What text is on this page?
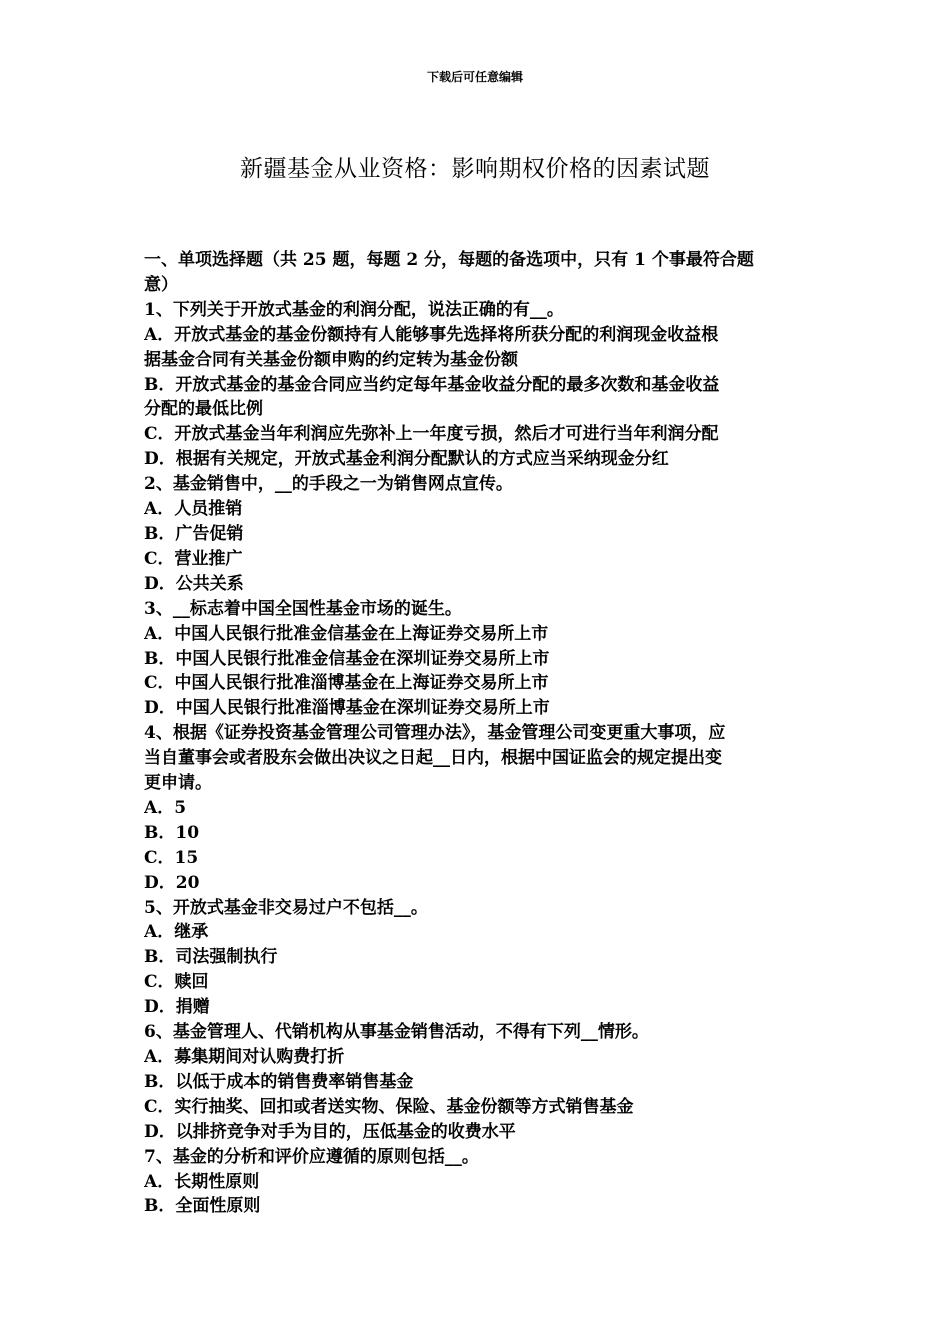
下载后可任意编辑
新疆基金从业资格：影响期权价格的因素试题
一、单项选择题（共 25 题，每题 2 分，每题的备选项中，只有 1 个事最符合题
意）
1、下列关于开放式基金的利润分配，说法正确的有__。
A．开放式基金的基金份额持有人能够事先选择将所获分配的利润现金收益根
据基金合同有关基金份额申购的约定转为基金份额
B．开放式基金的基金合同应当约定每年基金收益分配的最多次数和基金收益
分配的最低比例
C．开放式基金当年利润应先弥补上一年度亏损，然后才可进行当年利润分配
D．根据有关规定，开放式基金利润分配默认的方式应当采纳现金分红
2、基金销售中，__的手段之一为销售网点宣传。
A．人员推销
B．广告促销
C．营业推广
D．公共关系
3、__标志着中国全国性基金市场的诞生。
A．中国人民银行批准金信基金在上海证券交易所上市
B．中国人民银行批准金信基金在深圳证券交易所上市
C．中国人民银行批准淄博基金在上海证券交易所上市
D．中国人民银行批准淄博基金在深圳证券交易所上市
4、根据《证券投资基金管理公司管理办法》，基金管理公司变更重大事项，应
当自董事会或者股东会做出决议之日起__日内，根据中国证监会的规定提出变
更申请。
A．5
B．10
C．15
D．20
5、开放式基金非交易过户不包括__。
A．继承
B．司法强制执行
C．赎回
D．捐赠
6、基金管理人、代销机构从事基金销售活动，不得有下列__情形。
A．募集期间对认购费打折
B．以低于成本的销售费率销售基金
C．实行抽奖、回扣或者送实物、保险、基金份额等方式销售基金
D．以排挤竞争对手为目的，压低基金的收费水平
7、基金的分析和评价应遵循的原则包括__。
A．长期性原则
B．全面性原则
